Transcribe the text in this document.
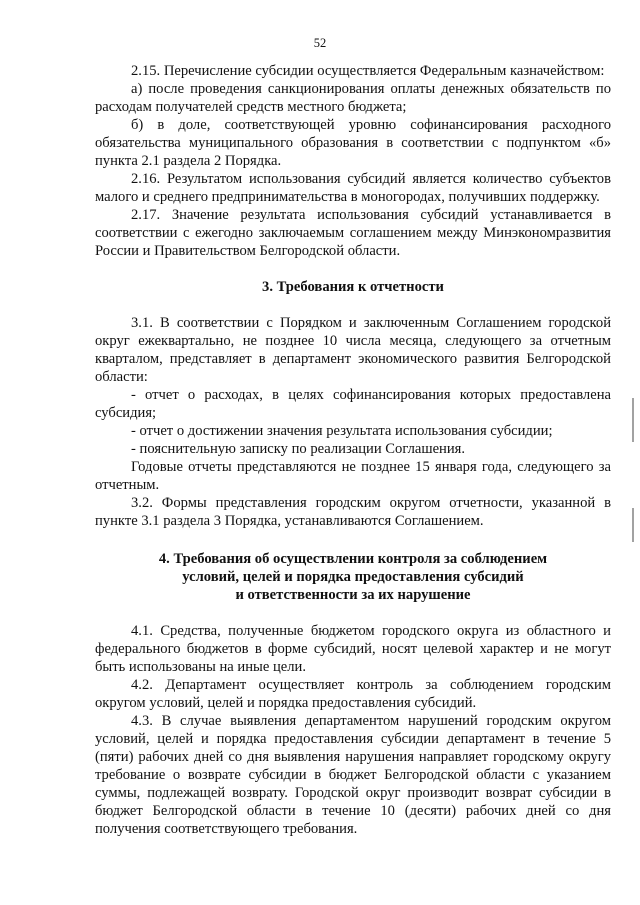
52

2.15. Перечисление субсидии осуществляется Федеральным казначейством:

а) после проведения санкционирования оплаты денежных обязательств по расходам получателей средств местного бюджета;

б) в доле, соответствующей уровню софинансирования расходного обязательства муниципального образования в соответствии с подпунктом «б» пункта 2.1 раздела 2 Порядка.

2.16. Результатом использования субсидий является количество субъектов малого и среднего предпринимательства в моногородах, получивших поддержку.

2.17. Значение результата использования субсидий устанавливается в соответствии с ежегодно заключаемым соглашением между Минэкономразвития России и Правительством Белгородской области.

3. Требования к отчетности

3.1. В соответствии с Порядком и заключенным Соглашением городской округ ежеквартально, не позднее 10 числа месяца, следующего за отчетным кварталом, представляет в департамент экономического развития Белгородской области:

- отчет о расходах, в целях софинансирования которых предоставлена субсидия;

- отчет о достижении значения результата использования субсидии;

- пояснительную записку по реализации Соглашения.

Годовые отчеты представляются не позднее 15 января года, следующего за отчетным.

3.2. Формы представления городским округом отчетности, указанной в пункте 3.1 раздела 3 Порядка, устанавливаются Соглашением.

4. Требования об осуществлении контроля за соблюдением
условий, целей и порядка предоставления субсидий
и ответственности за их нарушение

4.1. Средства, полученные бюджетом городского округа из областного и федерального бюджетов в форме субсидий, носят целевой характер и не могут быть использованы на иные цели.

4.2. Департамент осуществляет контроль за соблюдением городским округом условий, целей и порядка предоставления субсидий.

4.3. В случае выявления департаментом нарушений городским округом условий, целей и порядка предоставления субсидии департамент в течение 5 (пяти) рабочих дней со дня выявления нарушения направляет городскому округу требование о возврате субсидии в бюджет Белгородской области с указанием суммы, подлежащей возврату. Городской округ производит возврат субсидии в бюджет Белгородской области в течение 10 (десяти) рабочих дней со дня получения соответствующего требования.
